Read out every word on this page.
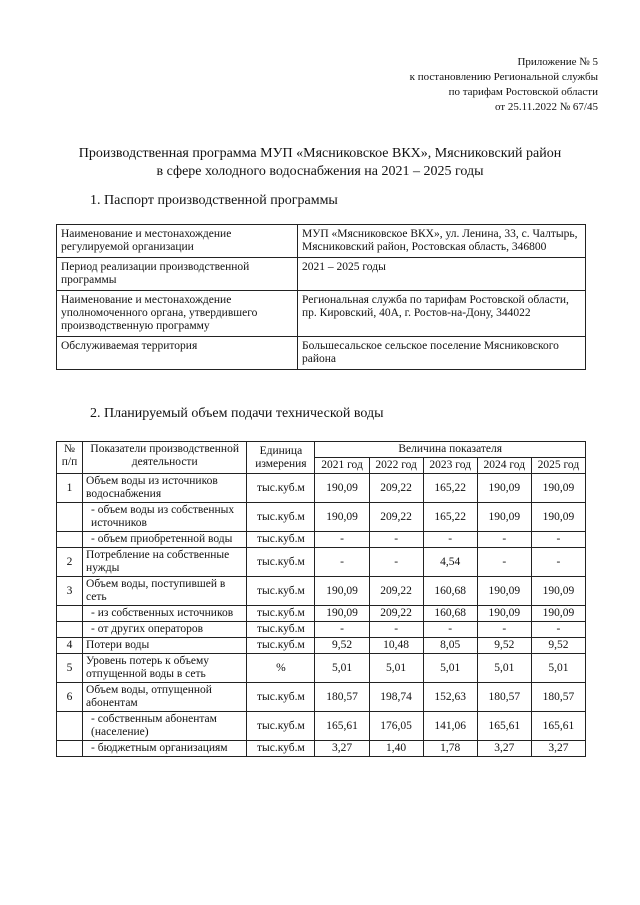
Приложение № 5
к постановлению Региональной службы
по тарифам Ростовской области
от 25.11.2022 № 67/45
Производственная программа МУП «Мясниковское ВКХ», Мясниковский район
в сфере холодного водоснабжения на 2021 – 2025 годы
1. Паспорт производственной программы
Наименование и местонахождение регулируемой организации	МУП «Мясниковское ВКХ», ул. Ленина, 33, с. Чалтырь, Мясниковский район, Ростовская область, 346800
Период реализации производственной программы	2021 – 2025 годы
Наименование и местонахождение уполномоченного органа, утвердившего производственную программу	Региональная служба по тарифам Ростовской области, пр. Кировский, 40А, г. Ростов-на-Дону, 344022
Обслуживаемая территория	Большесальское сельское поселение Мясниковского района
2. Планируемый объем подачи технической воды
№ п/п	Показатели производственной деятельности	Единица измерения	Величина показателя				
			2021 год	2022 год	2023 год	2024 год	2025 год
1	Объем воды из источников водоснабжения	тыс.куб.м	190,09	209,22	165,22	190,09	190,09
	- объем воды из собственных источников	тыс.куб.м	190,09	209,22	165,22	190,09	190,09
	- объем приобретенной воды	тыс.куб.м	-	-	-	-	-
2	Потребление на собственные нужды	тыс.куб.м	-	-	4,54	-	-
3	Объем воды, поступившей в сеть	тыс.куб.м	190,09	209,22	160,68	190,09	190,09
	- из собственных источников	тыс.куб.м	190,09	209,22	160,68	190,09	190,09
	- от других операторов	тыс.куб.м	-	-	-	-	-
4	Потери воды	тыс.куб.м	9,52	10,48	8,05	9,52	9,52
5	Уровень потерь к объему отпущенной воды в сеть	%	5,01	5,01	5,01	5,01	5,01
6	Объем воды, отпущенной абонентам	тыс.куб.м	180,57	198,74	152,63	180,57	180,57
	- собственным абонентам (население)	тыс.куб.м	165,61	176,05	141,06	165,61	165,61
	- бюджетным организациям	тыс.куб.м	3,27	1,40	1,78	3,27	3,27
